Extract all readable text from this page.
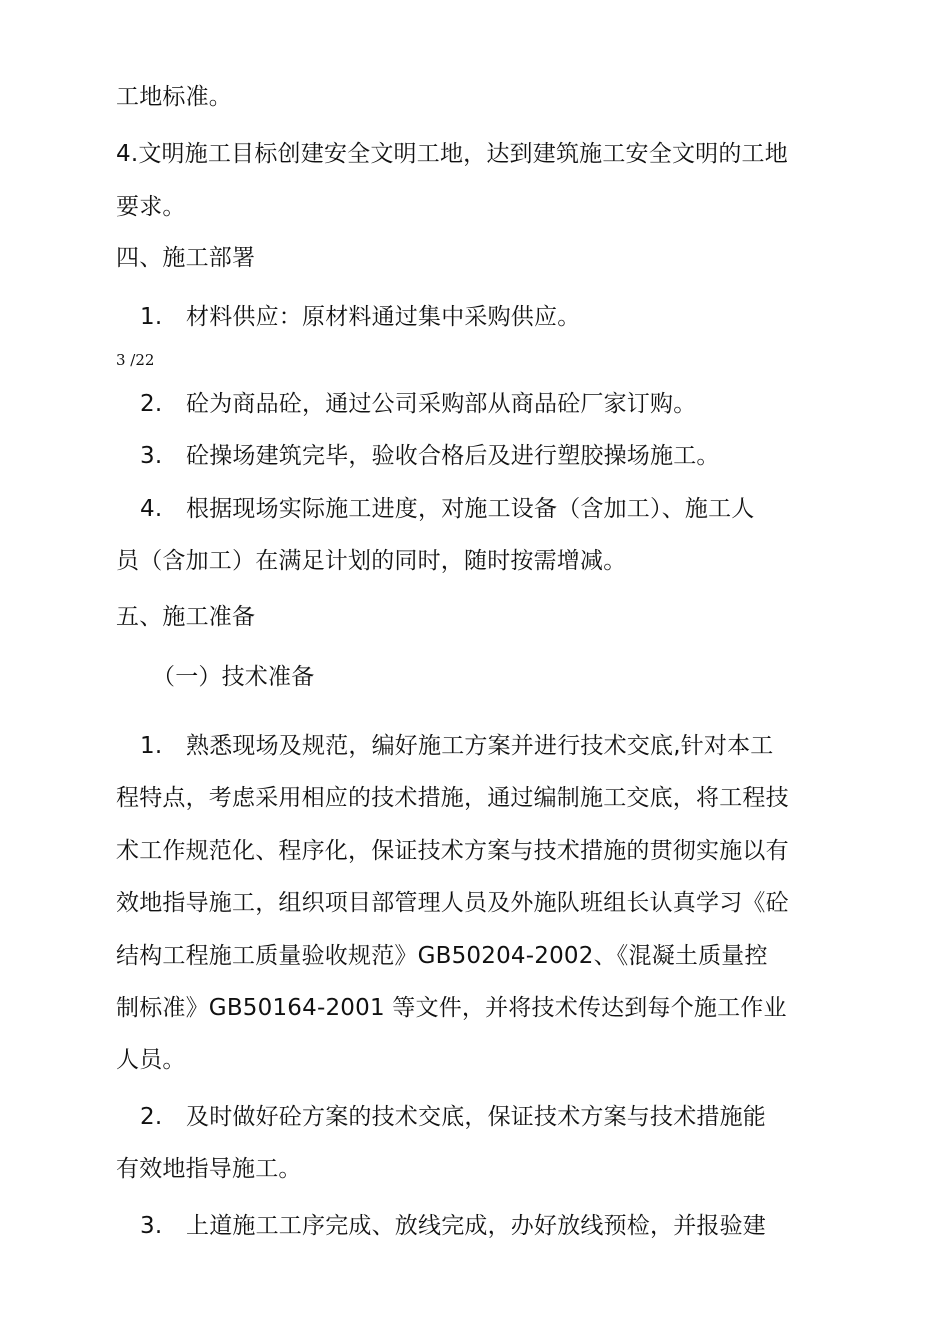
工地标准。
4.文明施工目标创建安全文明工地，达到建筑施工安全文明的工地
要求。
四、施工部署
1. 材料供应：原材料通过集中采购供应。
3 /22
2. 砼为商品砼，通过公司采购部从商品砼厂家订购。
3. 砼操场建筑完毕，验收合格后及进行塑胶操场施工。
4. 根据现场实际施工进度，对施工设备（含加工）、施工人
员（含加工）在满足计划的同时，随时按需增减。
五、施工准备
（一）技术准备
1. 熟悉现场及规范，编好施工方案并进行技术交底,针对本工
程特点，考虑采用相应的技术措施，通过编制施工交底，将工程技
术工作规范化、程序化，保证技术方案与技术措施的贯彻实施以有
效地指导施工，组织项目部管理人员及外施队班组长认真学习《砼
结构工程施工质量验收规范》GB50204-2002、《混凝土质量控
制标准》GB50164-2001 等文件，并将技术传达到每个施工作业
人员。
2. 及时做好砼方案的技术交底，保证技术方案与技术措施能
有效地指导施工。
3. 上道施工工序完成、放线完成，办好放线预检，并报验建
